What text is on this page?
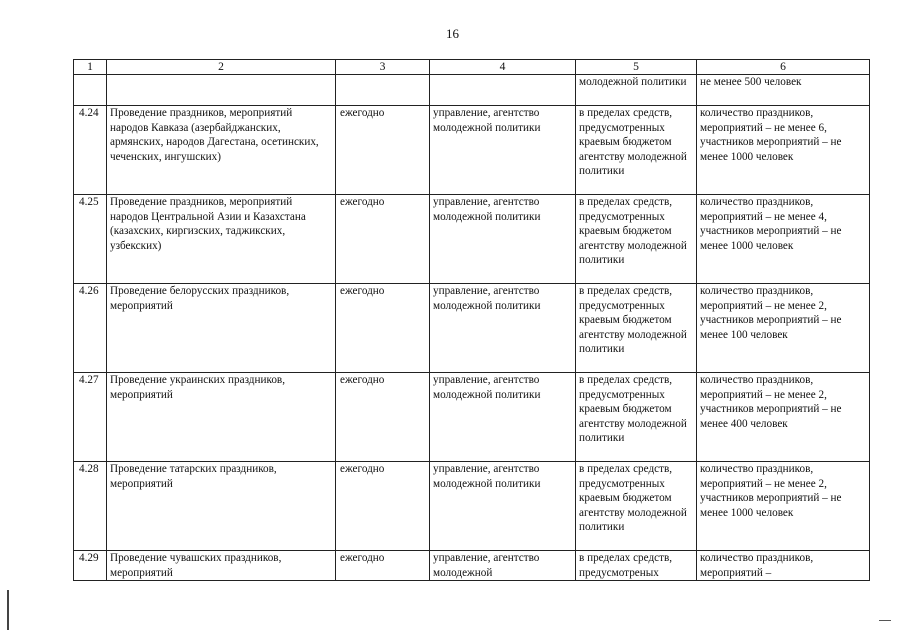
16
1	2	3	4	5	6
				молодежной политики	не менее 500 человек
4.24	Проведение праздников, мероприятий народов Кавказа (азербайджанских, армянских, народов Дагестана, осетинских, чеченских, ингушских)	ежегодно	управление, агентство молодежной политики	в пределах средств, предусмотренных краевым бюджетом агентству молодежной политики	количество праздников, мероприятий – не менее 6, участников мероприятий – не менее 1000 человек
4.25	Проведение праздников, мероприятий народов Центральной Азии и Казахстана (казахских, киргизских, таджикских, узбекских)	ежегодно	управление, агентство молодежной политики	в пределах средств, предусмотренных краевым бюджетом агентству молодежной политики	количество праздников, мероприятий – не менее 4, участников мероприятий – не менее 1000 человек
4.26	Проведение белорусских праздников, мероприятий	ежегодно	управление, агентство молодежной политики	в пределах средств, предусмотренных краевым бюджетом агентству молодежной политики	количество праздников, мероприятий – не менее 2, участников мероприятий – не менее 100 человек
4.27	Проведение украинских праздников, мероприятий	ежегодно	управление, агентство молодежной политики	в пределах средств, предусмотренных краевым бюджетом агентству молодежной политики	количество праздников, мероприятий – не менее 2, участников мероприятий – не менее 400 человек
4.28	Проведение татарских праздников, мероприятий	ежегодно	управление, агентство молодежной политики	в пределах средств, предусмотренных краевым бюджетом агентству молодежной политики	количество праздников, мероприятий – не менее 2, участников мероприятий – не менее 1000 человек
4.29	Проведение чувашских праздников, мероприятий	ежегодно	управление, агентство молодежной	в пределах средств, предусмотреных	количество праздников, мероприятий –
